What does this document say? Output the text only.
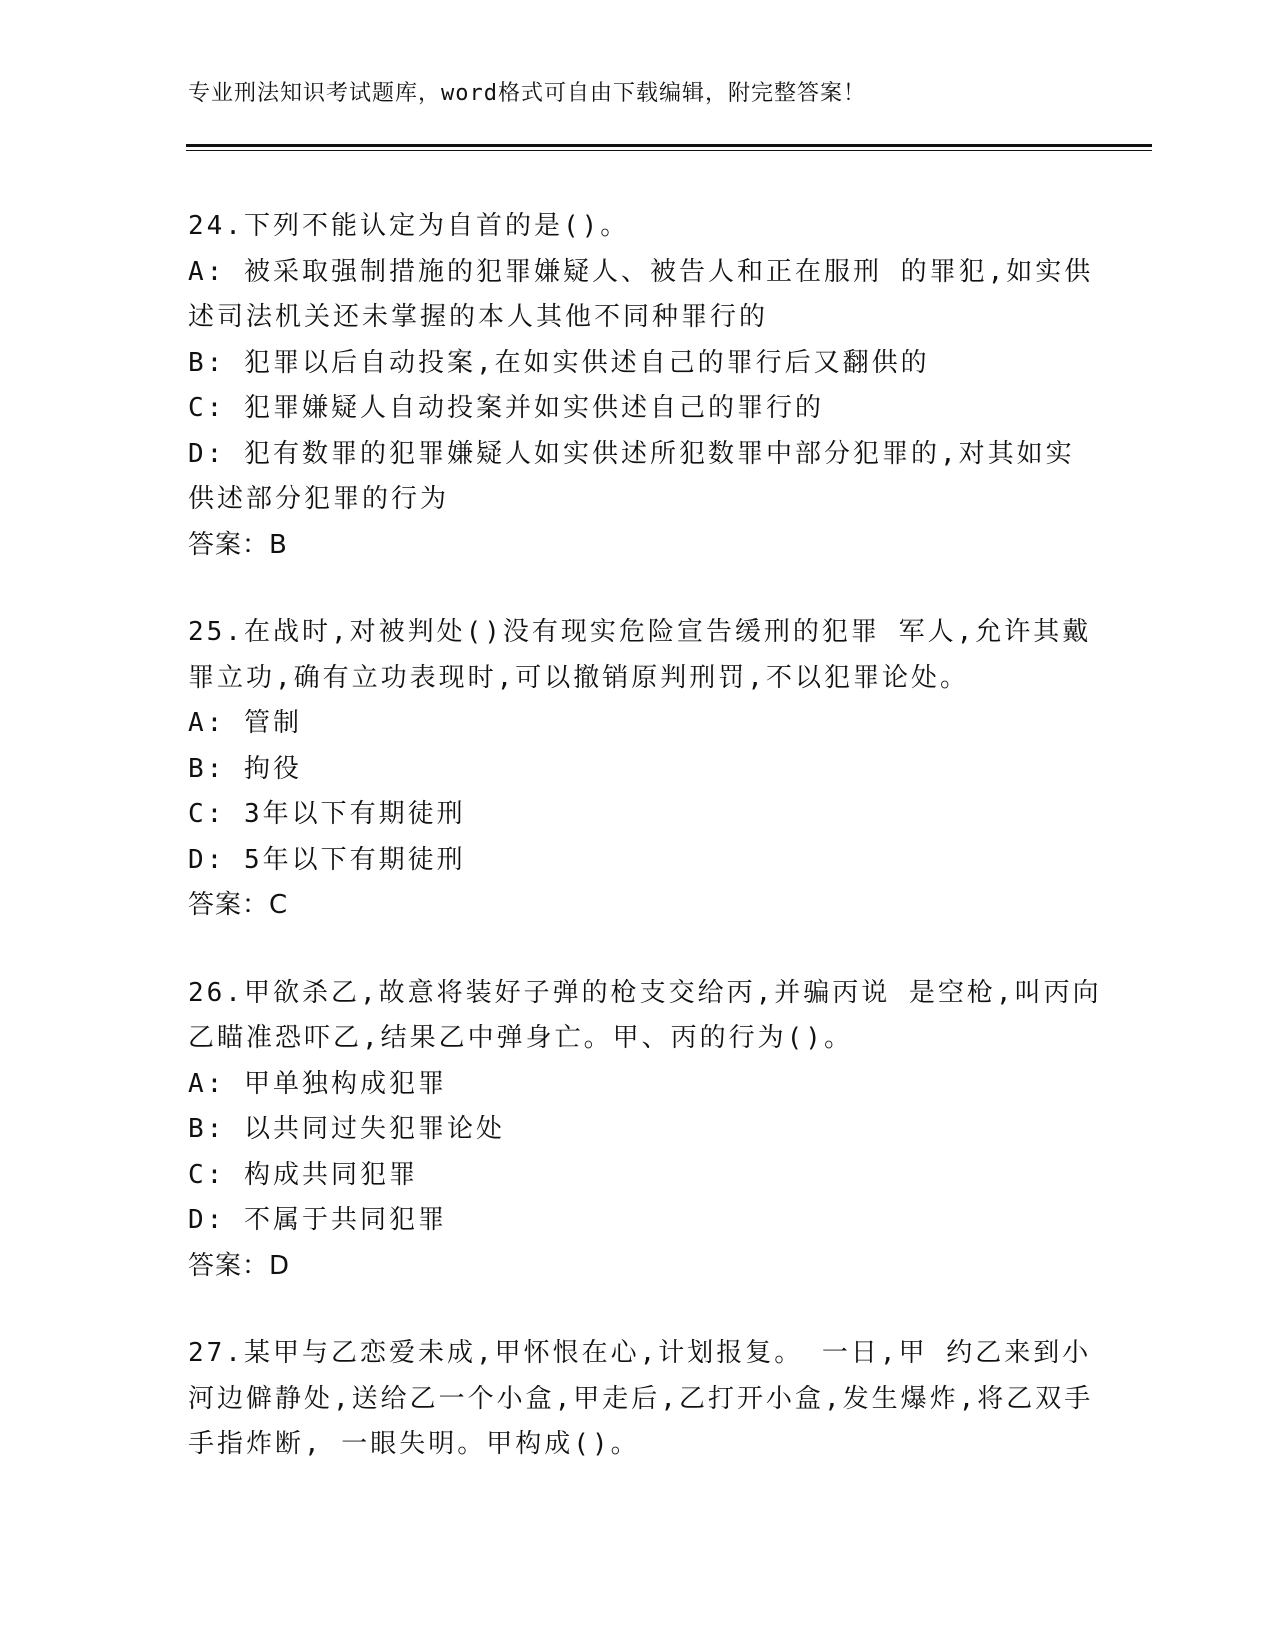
专业刑法知识考试题库，word格式可自由下载编辑，附完整答案！
24.下列不能认定为自首的是()。
A: 被采取强制措施的犯罪嫌疑人、被告人和正在服刑 的罪犯,如实供
述司法机关还未掌握的本人其他不同种罪行的
B: 犯罪以后自动投案,在如实供述自己的罪行后又翻供的
C: 犯罪嫌疑人自动投案并如实供述自己的罪行的
D: 犯有数罪的犯罪嫌疑人如实供述所犯数罪中部分犯罪的,对其如实
供述部分犯罪的行为
答案：B
25.在战时,对被判处()没有现实危险宣告缓刑的犯罪 军人,允许其戴
罪立功,确有立功表现时,可以撤销原判刑罚,不以犯罪论处。
A: 管制
B: 拘役
C: 3年以下有期徒刑
D: 5年以下有期徒刑
答案：C
26.甲欲杀乙,故意将装好子弹的枪支交给丙,并骗丙说 是空枪,叫丙向
乙瞄准恐吓乙,结果乙中弹身亡。甲、丙的行为()。
A: 甲单独构成犯罪
B: 以共同过失犯罪论处
C: 构成共同犯罪
D: 不属于共同犯罪
答案：D
27.某甲与乙恋爱未成,甲怀恨在心,计划报复。 一日,甲 约乙来到小
河边僻静处,送给乙一个小盒,甲走后,乙打开小盒,发生爆炸,将乙双手
手指炸断, 一眼失明。甲构成()。
